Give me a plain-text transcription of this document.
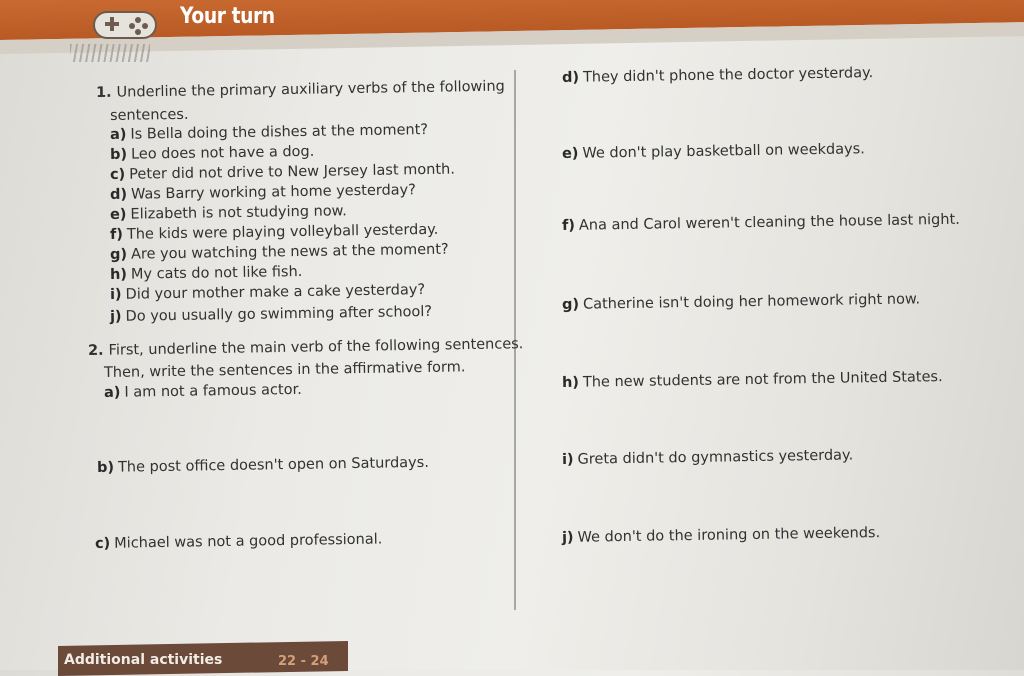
Your turn
1. Underline the primary auxiliary verbs of the following
sentences.
a) Is Bella doing the dishes at the moment?
b) Leo does not have a dog.
c) Peter did not drive to New Jersey last month.
d) Was Barry working at home yesterday?
e) Elizabeth is not studying now.
f) The kids were playing volleyball yesterday.
g) Are you watching the news at the moment?
h) My cats do not like fish.
i) Did your mother make a cake yesterday?
j) Do you usually go swimming after school?
2. First, underline the main verb of the following sentences.
Then, write the sentences in the affirmative form.
a) I am not a famous actor.
b) The post office doesn't open on Saturdays.
c) Michael was not a good professional.
d) They didn't phone the doctor yesterday.
e) We don't play basketball on weekdays.
f) Ana and Carol weren't cleaning the house last night.
g) Catherine isn't doing her homework right now.
h) The new students are not from the United States.
i) Greta didn't do gymnastics yesterday.
j) We don't do the ironing on the weekends.
Additional activities	22 - 24
